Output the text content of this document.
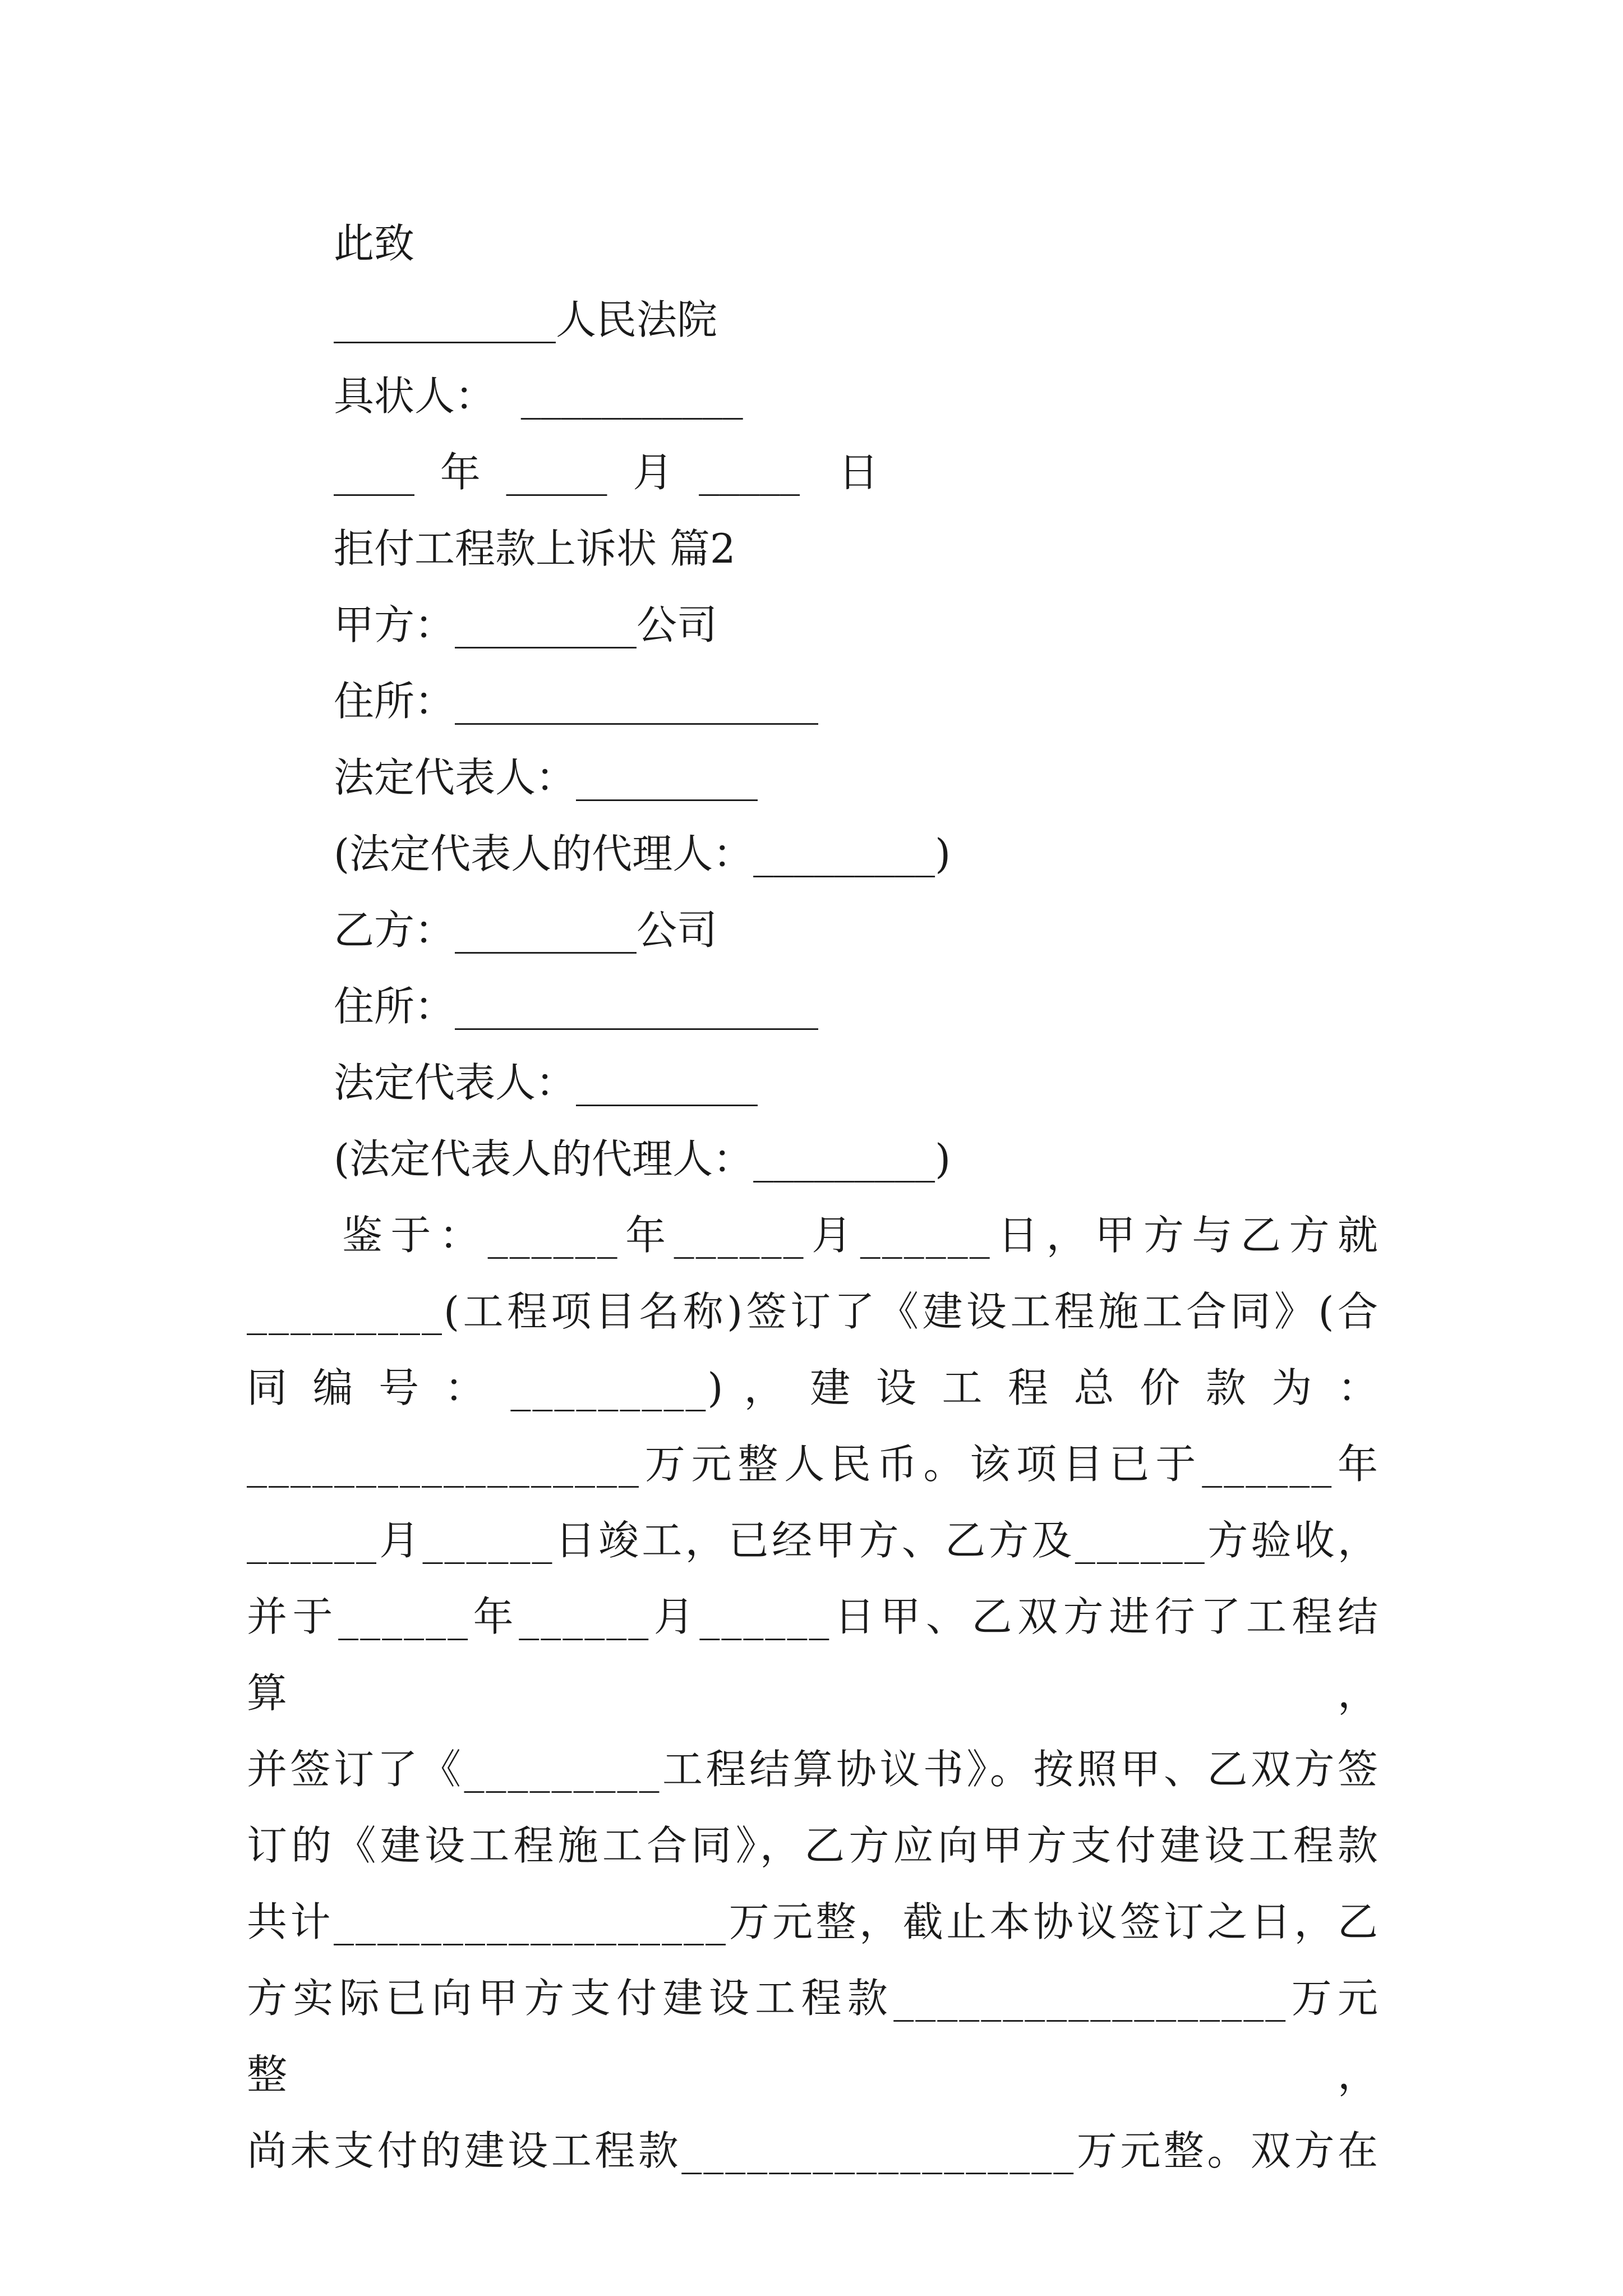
此致
___________人民法院
具状人：  ___________
____  年  _____  月  _____   日
拒付工程款上诉状 篇2
甲方：_________公司
住所：__________________
法定代表人：_________
(法定代表人的代理人：_________)
乙方：_________公司
住所：__________________
法定代表人：_________
(法定代表人的代理人：_________)

鉴于：______年______月______日，甲方与乙方就

_________(工程项目名称)签订了《建设工程施工合同》(合

同 编 号 ： _________) ， 建 设 工 程 总 价 款 为 ：

__________________万元整人民币。该项目已于______年

______月______日竣工，已经甲方、乙方及______方验收，

并于______年______月______日甲、乙双方进行了工程结算，

并签订了《_________工程结算协议书》。按照甲、乙双方签

订的《建设工程施工合同》，乙方应向甲方支付建设工程款

共计__________________万元整，截止本协议签订之日，乙

方实际已向甲方支付建设工程款__________________万元整，

尚未支付的建设工程款__________________万元整。双方在
